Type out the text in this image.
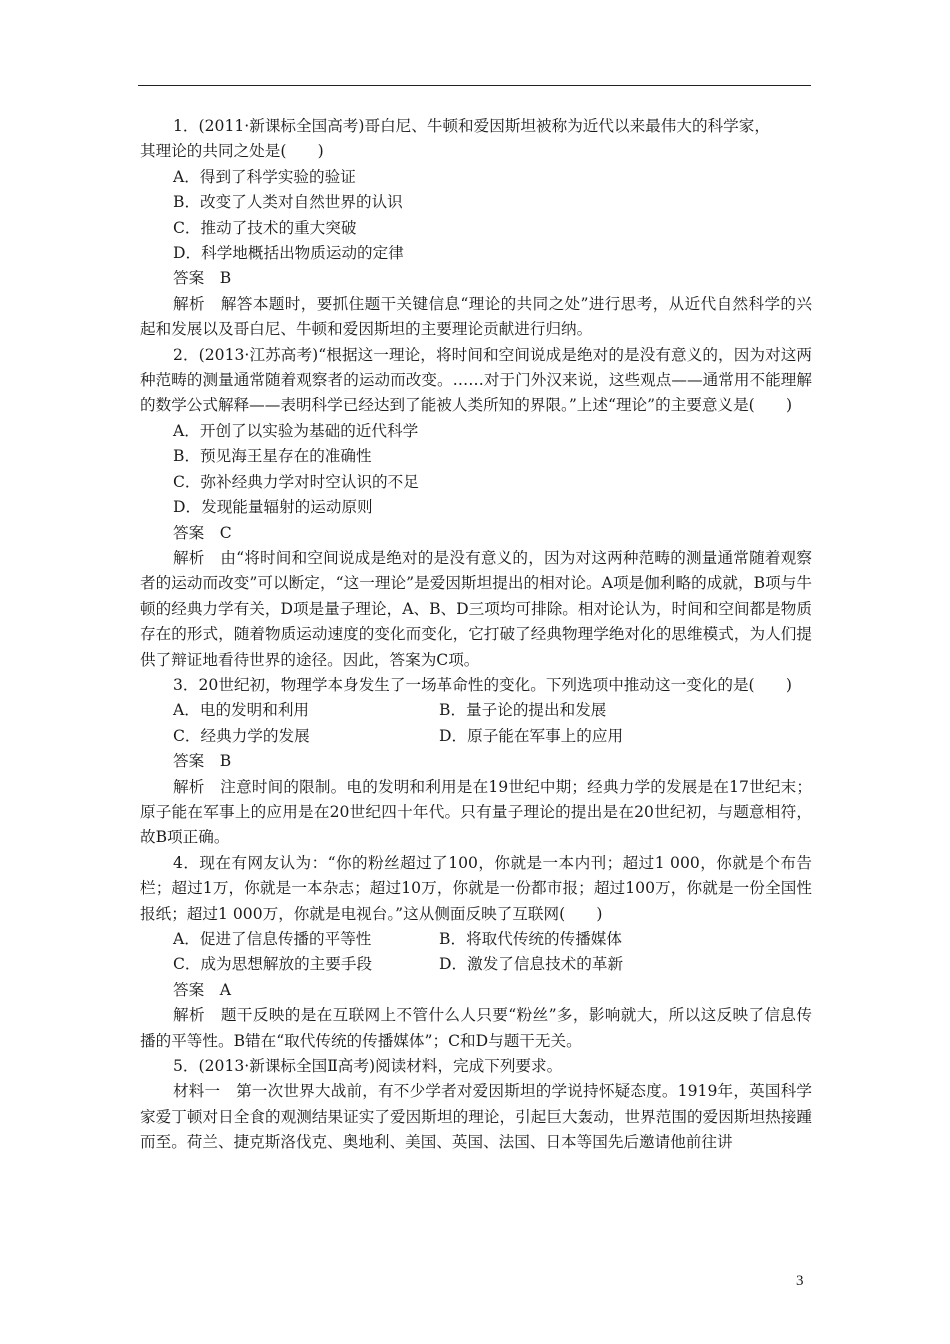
1．(2011·新课标全国高考)哥白尼、牛顿和爱因斯坦被称为近代以来最伟大的科学家，

其理论的共同之处是(　　)

A．得到了科学实验的验证

B．改变了人类对自然世界的认识

C．推动了技术的重大突破

D．科学地概括出物质运动的定律

答案　B

解析　解答本题时，要抓住题干关键信息“理论的共同之处”进行思考，从近代自然科学的兴起和发展以及哥白尼、牛顿和爱因斯坦的主要理论贡献进行归纳。

2．(2013·江苏高考)“根据这一理论，将时间和空间说成是绝对的是没有意义的，因为对这两种范畴的测量通常随着观察者的运动而改变。……对于门外汉来说，这些观点——通常用不能理解的数学公式解释——表明科学已经达到了能被人类所知的界限。”上述“理论”的主要意义是(　　)

A．开创了以实验为基础的近代科学

B．预见海王星存在的准确性

C．弥补经典力学对时空认识的不足

D．发现能量辐射的运动原则

答案　C

解析　由“将时间和空间说成是绝对的是没有意义的，因为对这两种范畴的测量通常随着观察者的运动而改变”可以断定，“这一理论”是爱因斯坦提出的相对论。A项是伽利略的成就，B项与牛顿的经典力学有关，D项是量子理论，A、B、D三项均可排除。相对论认为，时间和空间都是物质存在的形式，随着物质运动速度的变化而变化，它打破了经典物理学绝对化的思维模式，为人们提供了辩证地看待世界的途径。因此，答案为C项。

3．20世纪初，物理学本身发生了一场革命性的变化。下列选项中推动这一变化的是(　　)

A．电的发明和利用	B．量子论的提出和发展
C．经典力学的发展	D．原子能在军事上的应用

答案　B

解析　注意时间的限制。电的发明和利用是在19世纪中期；经典力学的发展是在17世纪末；原子能在军事上的应用是在20世纪四十年代。只有量子理论的提出是在20世纪初，与题意相符，故B项正确。

4．现在有网友认为：“你的粉丝超过了100，你就是一本内刊；超过1 000，你就是个布告栏；超过1万，你就是一本杂志；超过10万，你就是一份都市报；超过100万，你就是一份全国性报纸；超过1 000万，你就是电视台。”这从侧面反映了互联网(　　)

A．促进了信息传播的平等性	B．将取代传统的传播媒体
C．成为思想解放的主要手段	D．激发了信息技术的革新

答案　A

解析　题干反映的是在互联网上不管什么人只要“粉丝”多，影响就大，所以这反映了信息传播的平等性。B错在“取代传统的传播媒体”；C和D与题干无关。

5．(2013·新课标全国Ⅱ高考)阅读材料，完成下列要求。

材料一　第一次世界大战前，有不少学者对爱因斯坦的学说持怀疑态度。1919年，英国科学家爱丁顿对日全食的观测结果证实了爱因斯坦的理论，引起巨大轰动，世界范围的爱因斯坦热接踵而至。荷兰、捷克斯洛伐克、奥地利、美国、英国、法国、日本等国先后邀请他前往讲

3
